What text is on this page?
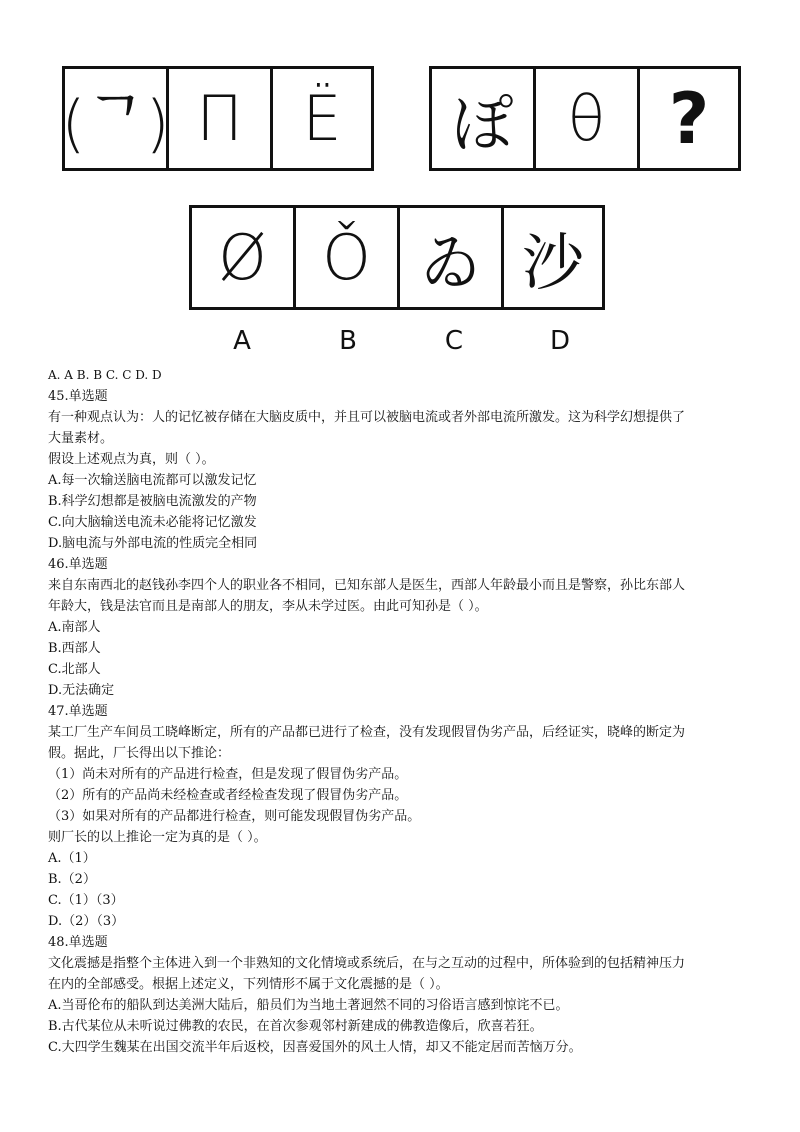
(ᄀ) Π Ë	ぽ θ ?
Ø Ǒ ゐ 沙
A	B	C	D
A. A B. B C. C D. D
45.单选题
有一种观点认为：人的记忆被存储在大脑皮质中，并且可以被脑电流或者外部电流所激发。这为科学幻想提供了
大量素材。
假设上述观点为真，则（ ）。
A.每一次输送脑电流都可以激发记忆
B.科学幻想都是被脑电流激发的产物
C.向大脑输送电流未必能将记忆激发
D.脑电流与外部电流的性质完全相同
46.单选题
来自东南西北的赵钱孙李四个人的职业各不相同，已知东部人是医生，西部人年龄最小而且是警察，孙比东部人
年龄大，钱是法官而且是南部人的朋友，李从未学过医。由此可知孙是（ ）。
A.南部人
B.西部人
C.北部人
D.无法确定
47.单选题
某工厂生产车间员工晓峰断定，所有的产品都已进行了检查，没有发现假冒伪劣产品，后经证实，晓峰的断定为
假。据此，厂长得出以下推论：
（1）尚未对所有的产品进行检查，但是发现了假冒伪劣产品。
（2）所有的产品尚未经检查或者经检查发现了假冒伪劣产品。
（3）如果对所有的产品都进行检查，则可能发现假冒伪劣产品。
则厂长的以上推论一定为真的是（ ）。
A.（1）
B.（2）
C.（1）（3）
D.（2）（3）
48.单选题
文化震撼是指整个主体进入到一个非熟知的文化情境或系统后，在与之互动的过程中，所体验到的包括精神压力
在内的全部感受。根据上述定义，下列情形不属于文化震撼的是（ ）。
A.当哥伦布的船队到达美洲大陆后，船员们为当地土著迥然不同的习俗语言感到惊诧不已。
B.古代某位从未听说过佛教的农民，在首次参观邻村新建成的佛教造像后，欣喜若狂。
C.大四学生魏某在出国交流半年后返校，因喜爱国外的风土人情，却又不能定居而苦恼万分。
